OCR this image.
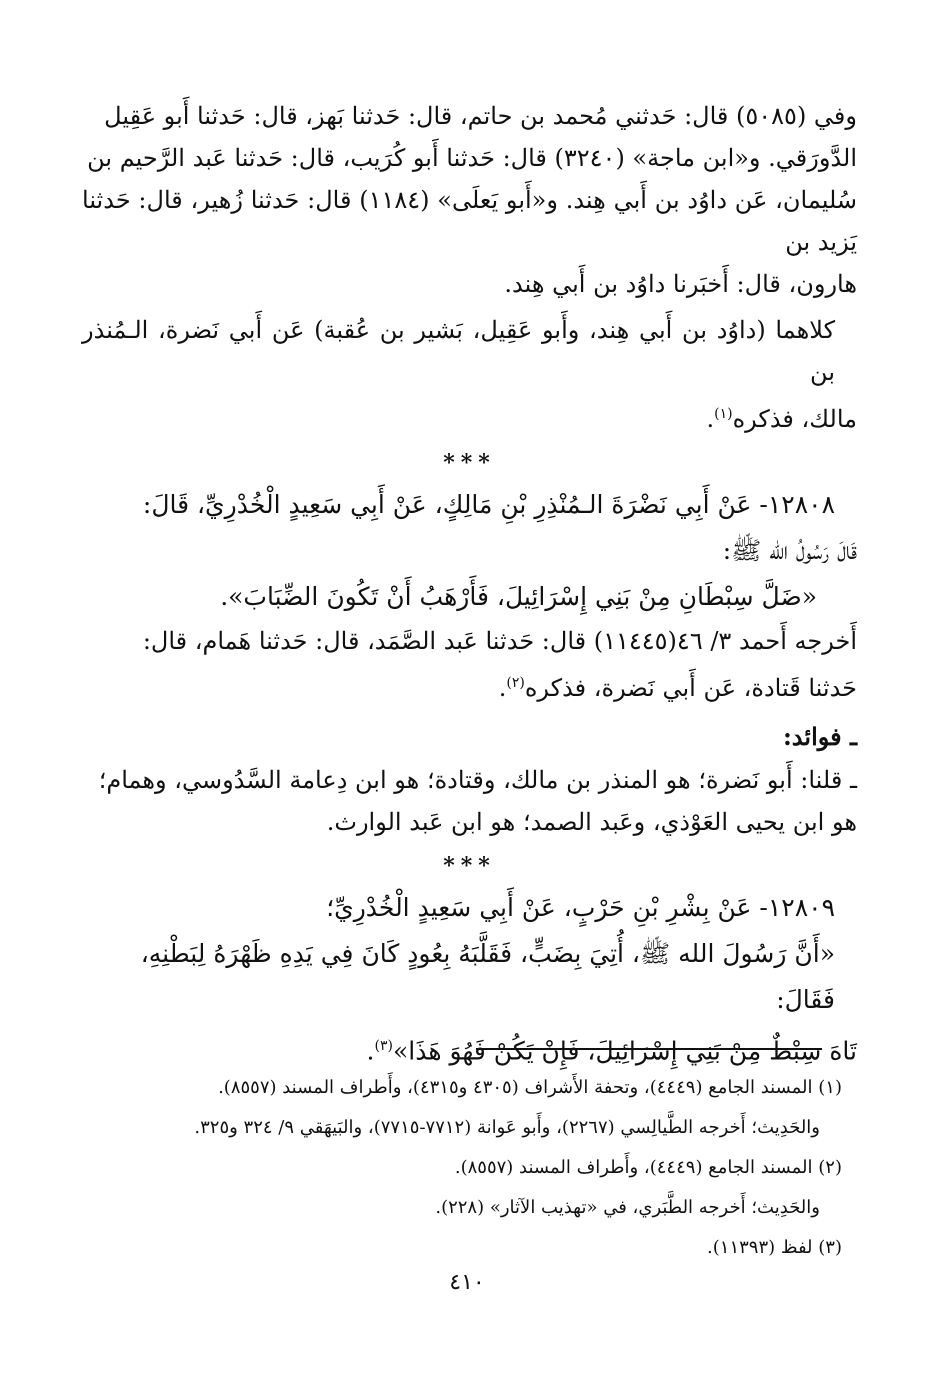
وفي (٥٠٨٥) قال: حَدثني مُحمد بن حاتم، قال: حَدثنا بَهز، قال: حَدثنا أَبو عَقِيل
الدَّورَقي. و«ابن ماجة» (٣٢٤٠) قال: حَدثنا أَبو كُرَيب، قال: حَدثنا عَبد الرَّحيم بن
سُليمان، عَن داوُد بن أَبي هِند. و«أَبو يَعلَى» (١١٨٤) قال: حَدثنا زُهير، قال: حَدثنا يَزيد بن
هارون، قال: أَخبَرنا داوُد بن أَبي هِند.
كلاهما (داوُد بن أَبي هِند، وأَبو عَقِيل، بَشير بن عُقبة) عَن أَبي نَضرة، الـمُنذر بن
مالك، فذكره$^{(١)}$.
***
١٢٨٠٨- عَنْ أَبِي نَضْرَةَ الـمُنْذِرِ بْنِ مَالِكٍ، عَنْ أَبِي سَعِيدٍ الْخُدْرِيِّ، قَالَ:
قَالَ رَسُولُ الله ﷺ:
«ضَلَّ سِبْطَانِ مِنْ بَنِي إِسْرَائِيلَ، فَأَرْهَبُ أَنْ تَكُونَ الضِّبَابَ».
أَخرجه أَحمد ٣/ ٤٦(١١٤٤٥) قال: حَدثنا عَبد الصَّمَد، قال: حَدثنا هَمام، قال:
حَدثنا قَتادة، عَن أَبي نَضرة، فذكره$^{(٢)}$.
ـ فوائد:
ـ قلنا: أَبو نَضرة؛ هو المنذر بن مالك، وقتادة؛ هو ابن دِعامة السَّدُوسي، وهمام؛
هو ابن يحيى العَوْذي، وعَبد الصمد؛ هو ابن عَبد الوارث.
***
١٢٨٠٩- عَنْ بِشْرِ بْنِ حَرْبٍ، عَنْ أَبِي سَعِيدٍ الْخُدْرِيِّ؛
«أَنَّ رَسُولَ الله ﷺ، أُتِيَ بِضَبٍّ، فَقَلَّبَهُ بِعُودٍ كَانَ فِي يَدِهِ ظَهْرَهُ لِبَطْنِهِ، فَقَالَ:
تَاهَ سِبْطٌ مِنْ بَنِي إِسْرَائِيلَ، فَإِنْ يَكُنْ فَهُوَ هَذَا»$^{(٣)}$.
(١) المسند الجامع (٤٤٤٩)، وتحفة الأَشراف (٤٣٠٥ و٤٣١٥)، وأَطراف المسند (٨٥٥٧).
والحَدِيث؛ أَخرجه الطَّيالِسي (٢٢٦٧)، وأَبو عَوانة (٧٧١٢-٧٧١٥)، والبَيهَقي ٩/ ٣٢٤ و٣٢٥.
(٢) المسند الجامع (٤٤٤٩)، وأَطراف المسند (٨٥٥٧).
والحَدِيث؛ أَخرجه الطَّبَري، في «تهذيب الآثار» (٢٢٨).
(٣) لفظ (١١٣٩٣).
٤١٠
